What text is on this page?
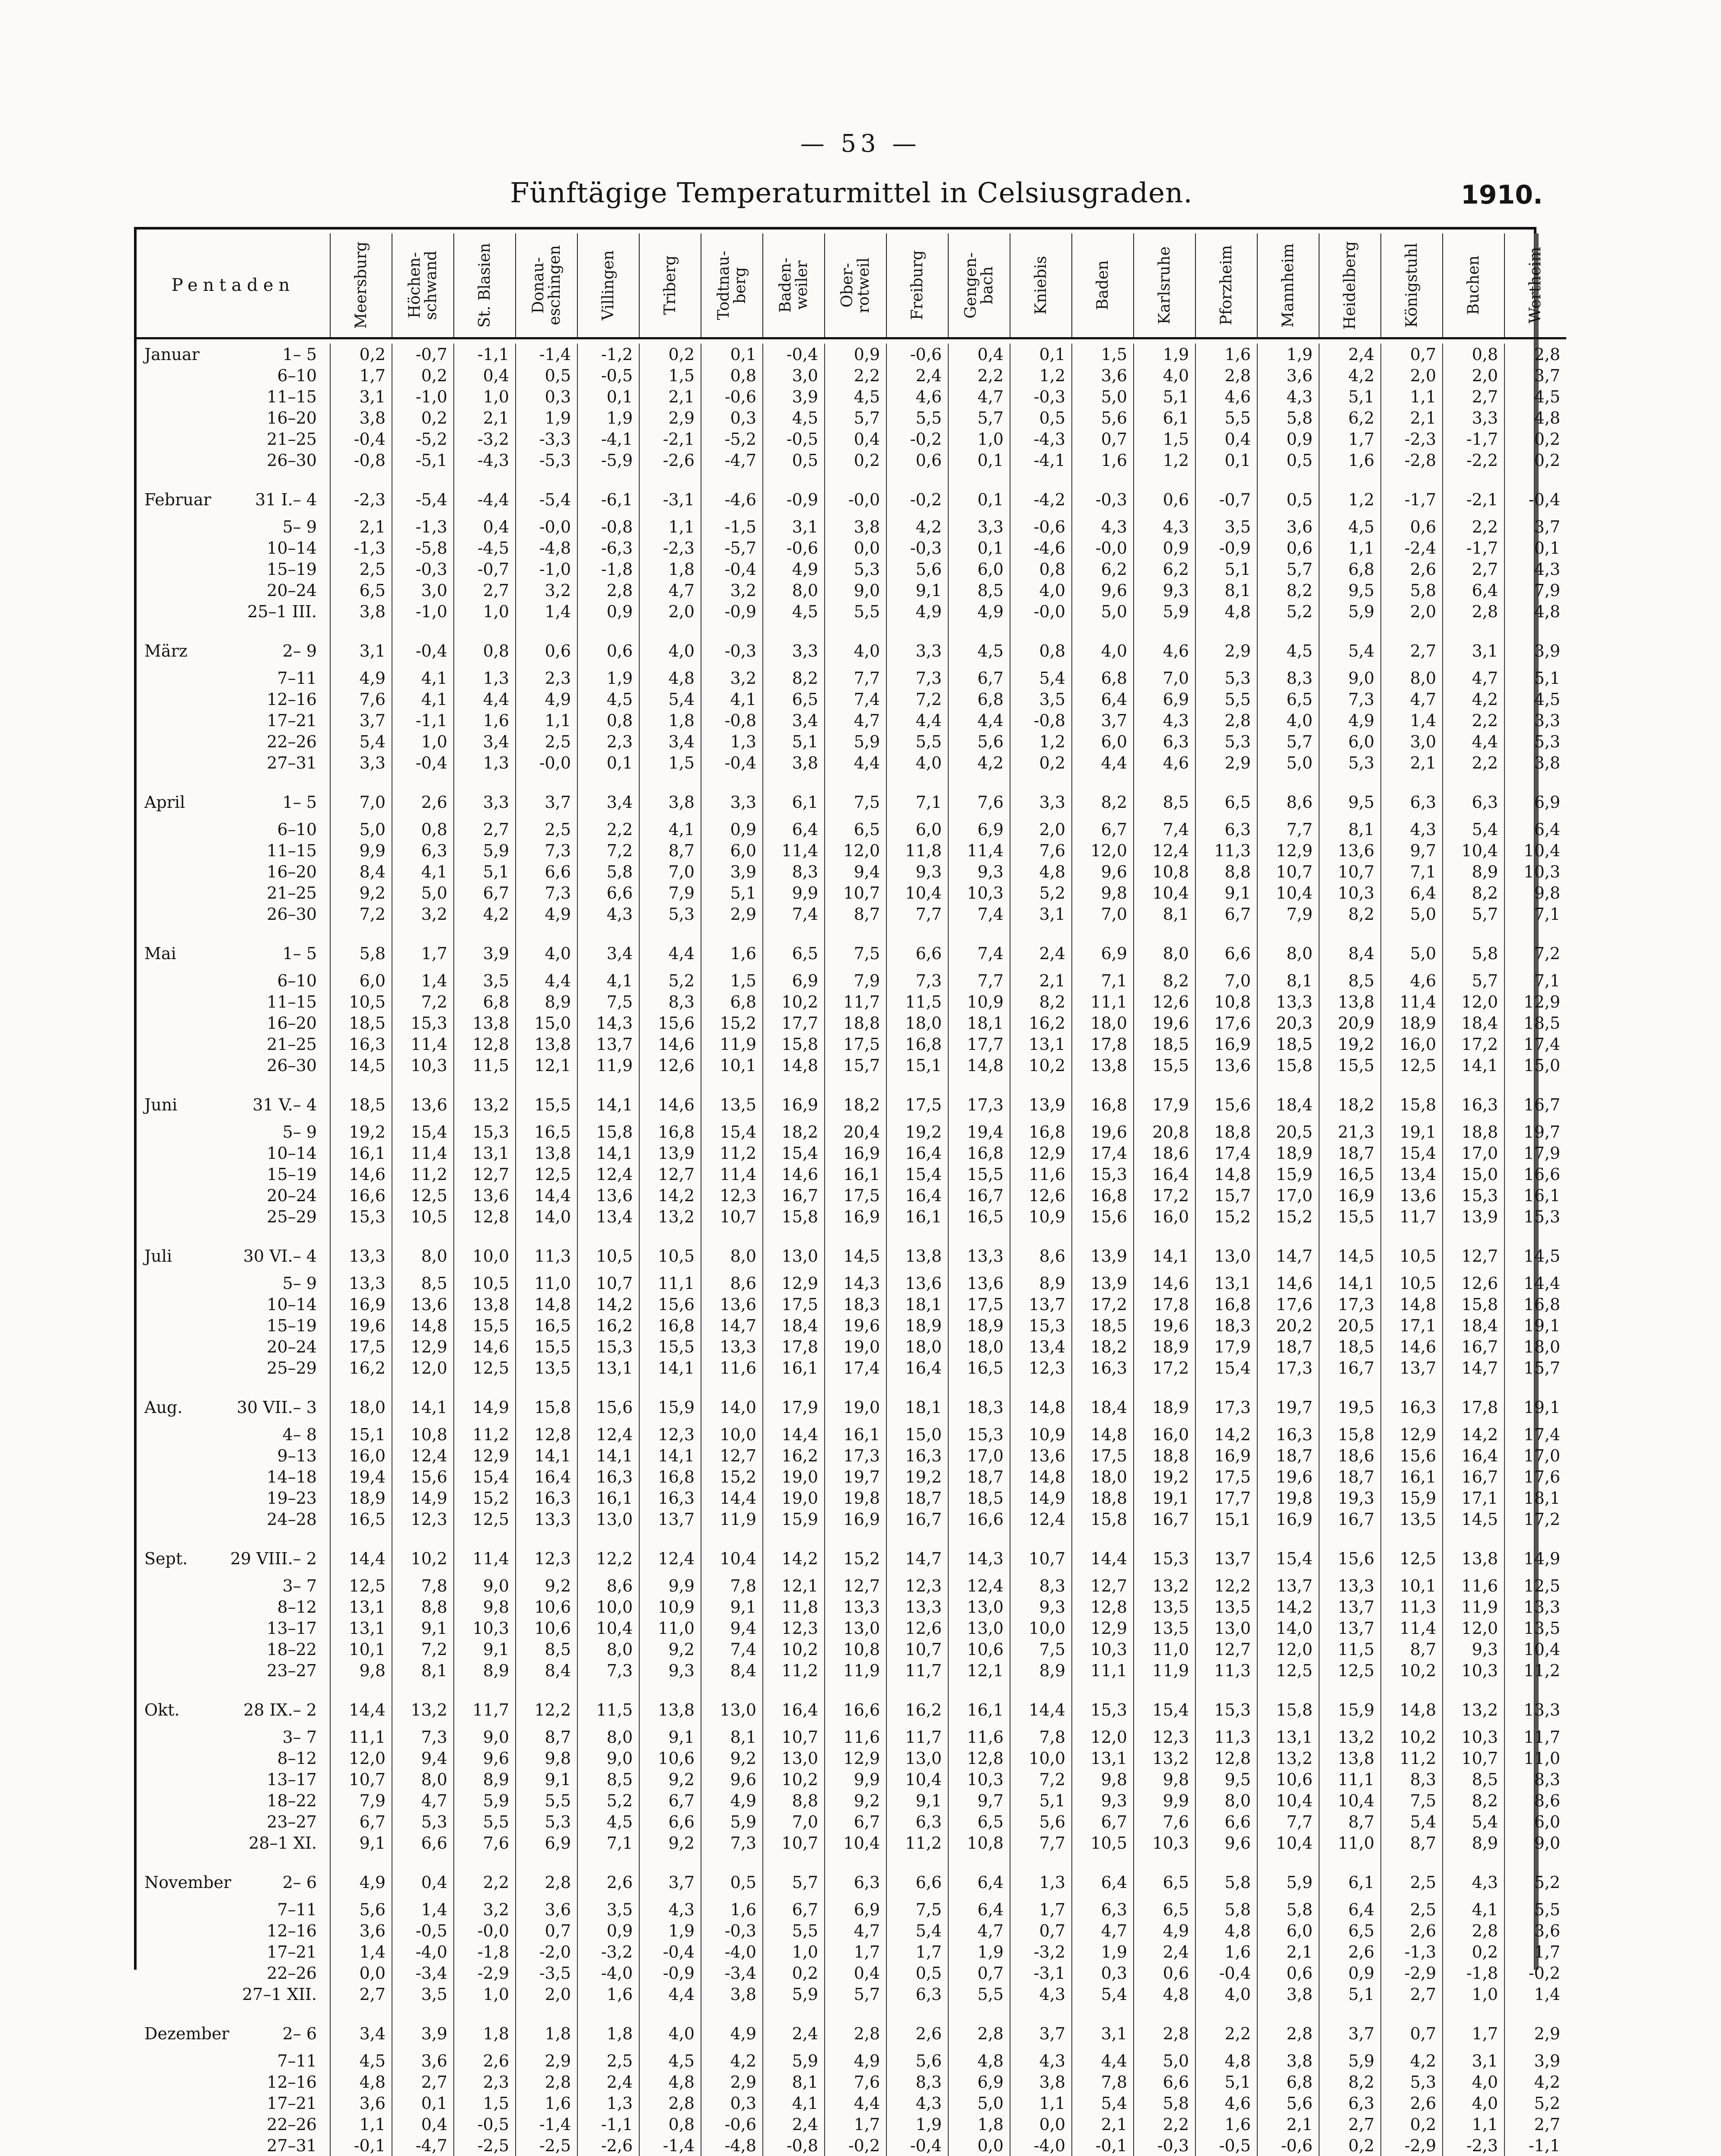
— 53 —
Fünftägige Temperaturmittel in Celsiusgraden.	1910.
Pentaden	Meersburg	Höchen-
schwand	St. Blasien	Donau-
eschingen	Villingen	Triberg	Todtnau-
berg	Baden-
weiler	Ober-
rotweil	Freiburg	Gengen-
bach	Kniebis	Baden	Karlsruhe	Pforzheim	Mannheim	Heidelberg	Königstuhl	Buchen	Wertheim

Januar 1– 5	0,2	-0,7	-1,1	-1,4	-1,2	0,2	0,1	-0,4	0,9	-0,6	0,4	0,1	1,5	1,9	1,6	1,9	2,4	0,7	0,8	2,8

6–10	1,7	0,2	0,4	0,5	-0,5	1,5	0,8	3,0	2,2	2,4	2,2	1,2	3,6	4,0	2,8	3,6	4,2	2,0	2,0	3,7

11–15	3,1	-1,0	1,0	0,3	0,1	2,1	-0,6	3,9	4,5	4,6	4,7	-0,3	5,0	5,1	4,6	4,3	5,1	1,1	2,7	4,5

16–20	3,8	0,2	2,1	1,9	1,9	2,9	0,3	4,5	5,7	5,5	5,7	0,5	5,6	6,1	5,5	5,8	6,2	2,1	3,3	4,8

21–25	-0,4	-5,2	-3,2	-3,3	-4,1	-2,1	-5,2	-0,5	0,4	-0,2	1,0	-4,3	0,7	1,5	0,4	0,9	1,7	-2,3	-1,7	0,2

26–30	-0,8	-5,1	-4,3	-5,3	-5,9	-2,6	-4,7	0,5	0,2	0,6	0,1	-4,1	1,6	1,2	0,1	0,5	1,6	-2,8	-2,2	0,2

Februar 31 I.– 4	-2,3	-5,4	-4,4	-5,4	-6,1	-3,1	-4,6	-0,9	-0,0	-0,2	0,1	-4,2	-0,3	0,6	-0,7	0,5	1,2	-1,7	-2,1	-0,4

5– 9	2,1	-1,3	0,4	-0,0	-0,8	1,1	-1,5	3,1	3,8	4,2	3,3	-0,6	4,3	4,3	3,5	3,6	4,5	0,6	2,2	3,7

10–14	-1,3	-5,8	-4,5	-4,8	-6,3	-2,3	-5,7	-0,6	0,0	-0,3	0,1	-4,6	-0,0	0,9	-0,9	0,6	1,1	-2,4	-1,7	0,1

15–19	2,5	-0,3	-0,7	-1,0	-1,8	1,8	-0,4	4,9	5,3	5,6	6,0	0,8	6,2	6,2	5,1	5,7	6,8	2,6	2,7	4,3

20–24	6,5	3,0	2,7	3,2	2,8	4,7	3,2	8,0	9,0	9,1	8,5	4,0	9,6	9,3	8,1	8,2	9,5	5,8	6,4	7,9

25–1 III.	3,8	-1,0	1,0	1,4	0,9	2,0	-0,9	4,5	5,5	4,9	4,9	-0,0	5,0	5,9	4,8	5,2	5,9	2,0	2,8	4,8

März 2– 9	3,1	-0,4	0,8	0,6	0,6	4,0	-0,3	3,3	4,0	3,3	4,5	0,8	4,0	4,6	2,9	4,5	5,4	2,7	3,1	3,9

7–11	4,9	4,1	1,3	2,3	1,9	4,8	3,2	8,2	7,7	7,3	6,7	5,4	6,8	7,0	5,3	8,3	9,0	8,0	4,7	5,1

12–16	7,6	4,1	4,4	4,9	4,5	5,4	4,1	6,5	7,4	7,2	6,8	3,5	6,4	6,9	5,5	6,5	7,3	4,7	4,2	4,5

17–21	3,7	-1,1	1,6	1,1	0,8	1,8	-0,8	3,4	4,7	4,4	4,4	-0,8	3,7	4,3	2,8	4,0	4,9	1,4	2,2	3,3

22–26	5,4	1,0	3,4	2,5	2,3	3,4	1,3	5,1	5,9	5,5	5,6	1,2	6,0	6,3	5,3	5,7	6,0	3,0	4,4	5,3

27–31	3,3	-0,4	1,3	-0,0	0,1	1,5	-0,4	3,8	4,4	4,0	4,2	0,2	4,4	4,6	2,9	5,0	5,3	2,1	2,2	3,8

April 1– 5	7,0	2,6	3,3	3,7	3,4	3,8	3,3	6,1	7,5	7,1	7,6	3,3	8,2	8,5	6,5	8,6	9,5	6,3	6,3	6,9

6–10	5,0	0,8	2,7	2,5	2,2	4,1	0,9	6,4	6,5	6,0	6,9	2,0	6,7	7,4	6,3	7,7	8,1	4,3	5,4	6,4

11–15	9,9	6,3	5,9	7,3	7,2	8,7	6,0	11,4	12,0	11,8	11,4	7,6	12,0	12,4	11,3	12,9	13,6	9,7	10,4	10,4

16–20	8,4	4,1	5,1	6,6	5,8	7,0	3,9	8,3	9,4	9,3	9,3	4,8	9,6	10,8	8,8	10,7	10,7	7,1	8,9	10,3

21–25	9,2	5,0	6,7	7,3	6,6	7,9	5,1	9,9	10,7	10,4	10,3	5,2	9,8	10,4	9,1	10,4	10,3	6,4	8,2	9,8

26–30	7,2	3,2	4,2	4,9	4,3	5,3	2,9	7,4	8,7	7,7	7,4	3,1	7,0	8,1	6,7	7,9	8,2	5,0	5,7	7,1

Mai 1– 5	5,8	1,7	3,9	4,0	3,4	4,4	1,6	6,5	7,5	6,6	7,4	2,4	6,9	8,0	6,6	8,0	8,4	5,0	5,8	7,2

6–10	6,0	1,4	3,5	4,4	4,1	5,2	1,5	6,9	7,9	7,3	7,7	2,1	7,1	8,2	7,0	8,1	8,5	4,6	5,7	7,1

11–15	10,5	7,2	6,8	8,9	7,5	8,3	6,8	10,2	11,7	11,5	10,9	8,2	11,1	12,6	10,8	13,3	13,8	11,4	12,0	12,9

16–20	18,5	15,3	13,8	15,0	14,3	15,6	15,2	17,7	18,8	18,0	18,1	16,2	18,0	19,6	17,6	20,3	20,9	18,9	18,4	18,5

21–25	16,3	11,4	12,8	13,8	13,7	14,6	11,9	15,8	17,5	16,8	17,7	13,1	17,8	18,5	16,9	18,5	19,2	16,0	17,2	17,4

26–30	14,5	10,3	11,5	12,1	11,9	12,6	10,1	14,8	15,7	15,1	14,8	10,2	13,8	15,5	13,6	15,8	15,5	12,5	14,1	15,0

Juni 31 V.– 4	18,5	13,6	13,2	15,5	14,1	14,6	13,5	16,9	18,2	17,5	17,3	13,9	16,8	17,9	15,6	18,4	18,2	15,8	16,3	16,7

5– 9	19,2	15,4	15,3	16,5	15,8	16,8	15,4	18,2	20,4	19,2	19,4	16,8	19,6	20,8	18,8	20,5	21,3	19,1	18,8	19,7

10–14	16,1	11,4	13,1	13,8	14,1	13,9	11,2	15,4	16,9	16,4	16,8	12,9	17,4	18,6	17,4	18,9	18,7	15,4	17,0	17,9

15–19	14,6	11,2	12,7	12,5	12,4	12,7	11,4	14,6	16,1	15,4	15,5	11,6	15,3	16,4	14,8	15,9	16,5	13,4	15,0	16,6

20–24	16,6	12,5	13,6	14,4	13,6	14,2	12,3	16,7	17,5	16,4	16,7	12,6	16,8	17,2	15,7	17,0	16,9	13,6	15,3	16,1

25–29	15,3	10,5	12,8	14,0	13,4	13,2	10,7	15,8	16,9	16,1	16,5	10,9	15,6	16,0	15,2	15,2	15,5	11,7	13,9	15,3

Juli 30 VI.– 4	13,3	8,0	10,0	11,3	10,5	10,5	8,0	13,0	14,5	13,8	13,3	8,6	13,9	14,1	13,0	14,7	14,5	10,5	12,7	14,5

5– 9	13,3	8,5	10,5	11,0	10,7	11,1	8,6	12,9	14,3	13,6	13,6	8,9	13,9	14,6	13,1	14,6	14,1	10,5	12,6	14,4

10–14	16,9	13,6	13,8	14,8	14,2	15,6	13,6	17,5	18,3	18,1	17,5	13,7	17,2	17,8	16,8	17,6	17,3	14,8	15,8	16,8

15–19	19,6	14,8	15,5	16,5	16,2	16,8	14,7	18,4	19,6	18,9	18,9	15,3	18,5	19,6	18,3	20,2	20,5	17,1	18,4	19,1

20–24	17,5	12,9	14,6	15,5	15,3	15,5	13,3	17,8	19,0	18,0	18,0	13,4	18,2	18,9	17,9	18,7	18,5	14,6	16,7	18,0

25–29	16,2	12,0	12,5	13,5	13,1	14,1	11,6	16,1	17,4	16,4	16,5	12,3	16,3	17,2	15,4	17,3	16,7	13,7	14,7	15,7

Aug. 30 VII.– 3	18,0	14,1	14,9	15,8	15,6	15,9	14,0	17,9	19,0	18,1	18,3	14,8	18,4	18,9	17,3	19,7	19,5	16,3	17,8	19,1

4– 8	15,1	10,8	11,2	12,8	12,4	12,3	10,0	14,4	16,1	15,0	15,3	10,9	14,8	16,0	14,2	16,3	15,8	12,9	14,2	17,4

9–13	16,0	12,4	12,9	14,1	14,1	14,1	12,7	16,2	17,3	16,3	17,0	13,6	17,5	18,8	16,9	18,7	18,6	15,6	16,4	17,0

14–18	19,4	15,6	15,4	16,4	16,3	16,8	15,2	19,0	19,7	19,2	18,7	14,8	18,0	19,2	17,5	19,6	18,7	16,1	16,7	17,6

19–23	18,9	14,9	15,2	16,3	16,1	16,3	14,4	19,0	19,8	18,7	18,5	14,9	18,8	19,1	17,7	19,8	19,3	15,9	17,1	18,1

24–28	16,5	12,3	12,5	13,3	13,0	13,7	11,9	15,9	16,9	16,7	16,6	12,4	15,8	16,7	15,1	16,9	16,7	13,5	14,5	17,2

Sept. 29 VIII.– 2	14,4	10,2	11,4	12,3	12,2	12,4	10,4	14,2	15,2	14,7	14,3	10,7	14,4	15,3	13,7	15,4	15,6	12,5	13,8	14,9

3– 7	12,5	7,8	9,0	9,2	8,6	9,9	7,8	12,1	12,7	12,3	12,4	8,3	12,7	13,2	12,2	13,7	13,3	10,1	11,6	12,5

8–12	13,1	8,8	9,8	10,6	10,0	10,9	9,1	11,8	13,3	13,3	13,0	9,3	12,8	13,5	13,5	14,2	13,7	11,3	11,9	13,3

13–17	13,1	9,1	10,3	10,6	10,4	11,0	9,4	12,3	13,0	12,6	13,0	10,0	12,9	13,5	13,0	14,0	13,7	11,4	12,0	13,5

18–22	10,1	7,2	9,1	8,5	8,0	9,2	7,4	10,2	10,8	10,7	10,6	7,5	10,3	11,0	12,7	12,0	11,5	8,7	9,3	10,4

23–27	9,8	8,1	8,9	8,4	7,3	9,3	8,4	11,2	11,9	11,7	12,1	8,9	11,1	11,9	11,3	12,5	12,5	10,2	10,3	11,2

Okt. 28 IX.– 2	14,4	13,2	11,7	12,2	11,5	13,8	13,0	16,4	16,6	16,2	16,1	14,4	15,3	15,4	15,3	15,8	15,9	14,8	13,2	13,3

3– 7	11,1	7,3	9,0	8,7	8,0	9,1	8,1	10,7	11,6	11,7	11,6	7,8	12,0	12,3	11,3	13,1	13,2	10,2	10,3	11,7

8–12	12,0	9,4	9,6	9,8	9,0	10,6	9,2	13,0	12,9	13,0	12,8	10,0	13,1	13,2	12,8	13,2	13,8	11,2	10,7	11,0

13–17	10,7	8,0	8,9	9,1	8,5	9,2	9,6	10,2	9,9	10,4	10,3	7,2	9,8	9,8	9,5	10,6	11,1	8,3	8,5	8,3

18–22	7,9	4,7	5,9	5,5	5,2	6,7	4,9	8,8	9,2	9,1	9,7	5,1	9,3	9,9	8,0	10,4	10,4	7,5	8,2	8,6

23–27	6,7	5,3	5,5	5,3	4,5	6,6	5,9	7,0	6,7	6,3	6,5	5,6	6,7	7,6	6,6	7,7	8,7	5,4	5,4	6,0

28–1 XI.	9,1	6,6	7,6	6,9	7,1	9,2	7,3	10,7	10,4	11,2	10,8	7,7	10,5	10,3	9,6	10,4	11,0	8,7	8,9	9,0

November 2– 6	4,9	0,4	2,2	2,8	2,6	3,7	0,5	5,7	6,3	6,6	6,4	1,3	6,4	6,5	5,8	5,9	6,1	2,5	4,3	5,2

7–11	5,6	1,4	3,2	3,6	3,5	4,3	1,6	6,7	6,9	7,5	6,4	1,7	6,3	6,5	5,8	5,8	6,4	2,5	4,1	5,5

12–16	3,6	-0,5	-0,0	0,7	0,9	1,9	-0,3	5,5	4,7	5,4	4,7	0,7	4,7	4,9	4,8	6,0	6,5	2,6	2,8	3,6

17–21	1,4	-4,0	-1,8	-2,0	-3,2	-0,4	-4,0	1,0	1,7	1,7	1,9	-3,2	1,9	2,4	1,6	2,1	2,6	-1,3	0,2	1,7

22–26	0,0	-3,4	-2,9	-3,5	-4,0	-0,9	-3,4	0,2	0,4	0,5	0,7	-3,1	0,3	0,6	-0,4	0,6	0,9	-2,9	-1,8	-0,2

27–1 XII.	2,7	3,5	1,0	2,0	1,6	4,4	3,8	5,9	5,7	6,3	5,5	4,3	5,4	4,8	4,0	3,8	5,1	2,7	1,0	1,4

Dezember 2– 6	3,4	3,9	1,8	1,8	1,8	4,0	4,9	2,4	2,8	2,6	2,8	3,7	3,1	2,8	2,2	2,8	3,7	0,7	1,7	2,9

7–11	4,5	3,6	2,6	2,9	2,5	4,5	4,2	5,9	4,9	5,6	4,8	4,3	4,4	5,0	4,8	3,8	5,9	4,2	3,1	3,9

12–16	4,8	2,7	2,3	2,8	2,4	4,8	2,9	8,1	7,6	8,3	6,9	3,8	7,8	6,6	5,1	6,8	8,2	5,3	4,0	4,2

17–21	3,6	0,1	1,5	1,6	1,3	2,8	0,3	4,1	4,4	4,3	5,0	1,1	5,4	5,8	4,6	5,6	6,3	2,6	4,0	5,2

22–26	1,1	0,4	-0,5	-1,4	-1,1	0,8	-0,6	2,4	1,7	1,9	1,8	0,0	2,1	2,2	1,6	2,1	2,7	0,2	1,1	2,7

27–31	-0,1	-4,7	-2,5	-2,5	-2,6	-1,4	-4,8	-0,8	-0,2	-0,4	0,0	-4,0	-0,1	-0,3	-0,5	-0,6	0,2	-2,9	-2,3	-1,1
